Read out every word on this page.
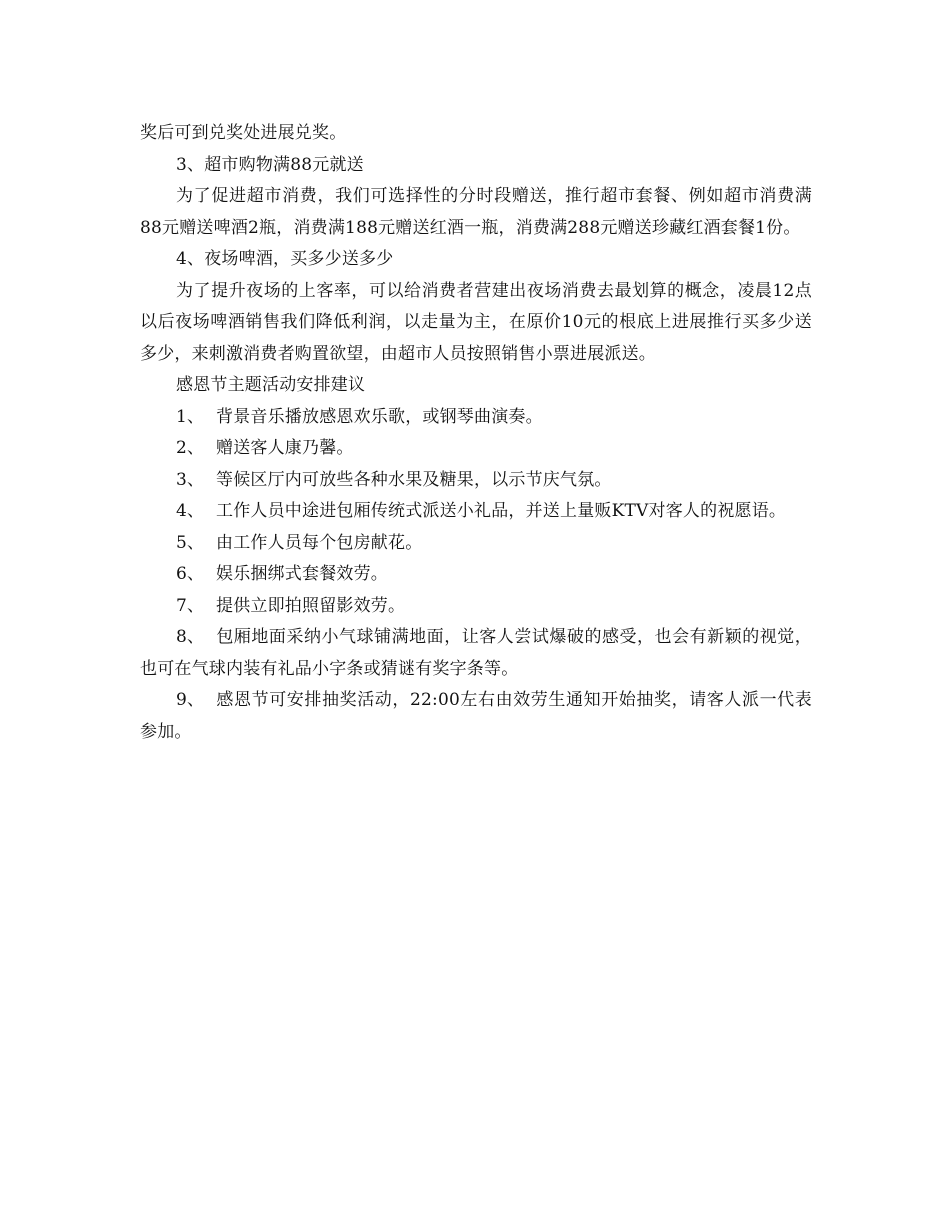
奖后可到兑奖处进展兑奖。

3、超市购物满88元就送

为了促进超市消费，我们可选择性的分时段赠送，推行超市套餐、例如超市消费满88元赠送啤酒2瓶，消费满188元赠送红酒一瓶，消费满288元赠送珍藏红酒套餐1份。

4、夜场啤酒，买多少送多少

为了提升夜场的上客率，可以给消费者营建出夜场消费去最划算的概念，凌晨12点以后夜场啤酒销售我们降低利润，以走量为主，在原价10元的根底上进展推行买多少送多少，来刺激消费者购置欲望，由超市人员按照销售小票进展派送。

感恩节主题活动安排建议

1、 背景音乐播放感恩欢乐歌，或钢琴曲演奏。

2、 赠送客人康乃馨。

3、 等候区厅内可放些各种水果及糖果，以示节庆气氛。

4、 工作人员中途进包厢传统式派送小礼品，并送上量贩KTV对客人的祝愿语。

5、 由工作人员每个包房献花。

6、 娱乐捆绑式套餐效劳。

7、 提供立即拍照留影效劳。

8、 包厢地面采纳小气球铺满地面，让客人尝试爆破的感受，也会有新颖的视觉，也可在气球内装有礼品小字条或猜谜有奖字条等。

9、 感恩节可安排抽奖活动，22:00左右由效劳生通知开始抽奖，请客人派一代表参加。
